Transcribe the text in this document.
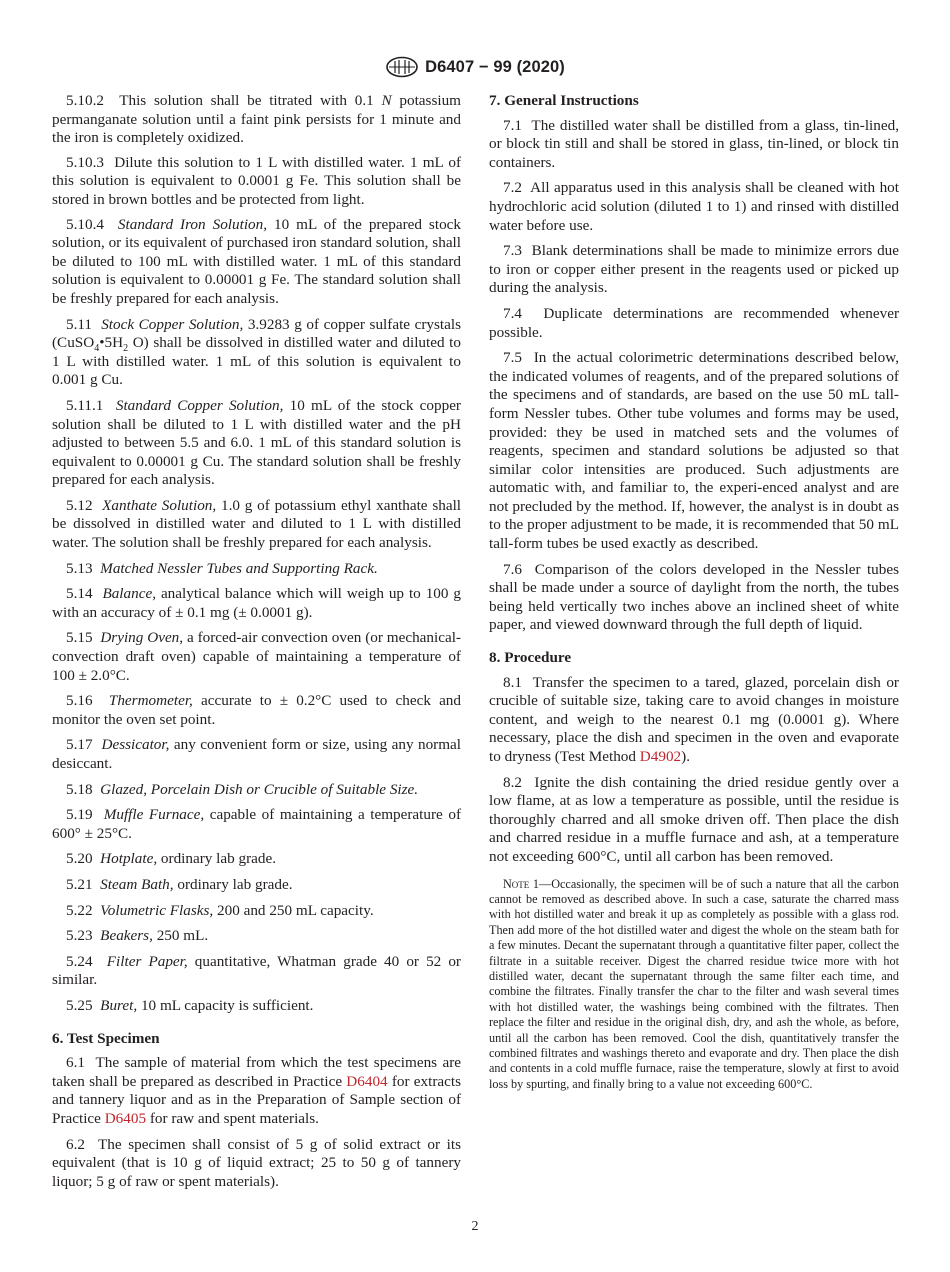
D6407 − 99 (2020)

5.10.2 This solution shall be titrated with 0.1 N potassium permanganate solution until a faint pink persists for 1 minute and the iron is completely oxidized.

5.10.3 Dilute this solution to 1 L with distilled water. 1 mL of this solution is equivalent to 0.0001 g Fe. This solution shall be stored in brown bottles and be protected from light.

5.10.4 Standard Iron Solution, 10 mL of the prepared stock solution, or its equivalent of purchased iron standard solution, shall be diluted to 100 mL with distilled water. 1 mL of this standard solution is equivalent to 0.00001 g Fe. The standard solution shall be freshly prepared for each analysis.

5.11 Stock Copper Solution, 3.9283 g of copper sulfate crystals ($CuSO_4•5H_2$ O) shall be dissolved in distilled water and diluted to 1 L with distilled water. 1 mL of this solution is equivalent to 0.001 g Cu.

5.11.1 Standard Copper Solution, 10 mL of the stock copper solution shall be diluted to 1 L with distilled water and the pH adjusted to between 5.5 and 6.0. 1 mL of this standard solution is equivalent to 0.00001 g Cu. The standard solution shall be freshly prepared for each analysis.

5.12 Xanthate Solution, 1.0 g of potassium ethyl xanthate shall be dissolved in distilled water and diluted to 1 L with distilled water. The solution shall be freshly prepared for each analysis.

5.13 Matched Nessler Tubes and Supporting Rack.

5.14 Balance, analytical balance which will weigh up to 100 g with an accuracy of ± 0.1 mg (± 0.0001 g).

5.15 Drying Oven, a forced-air convection oven (or mechanical-convection draft oven) capable of maintaining a temperature of 100 ± 2.0°C.

5.16 Thermometer, accurate to ± 0.2°C used to check and monitor the oven set point.

5.17 Dessicator, any convenient form or size, using any normal desiccant.

5.18 Glazed, Porcelain Dish or Crucible of Suitable Size.

5.19 Muffle Furnace, capable of maintaining a temperature of 600° ± 25°C.

5.20 Hotplate, ordinary lab grade.

5.21 Steam Bath, ordinary lab grade.

5.22 Volumetric Flasks, 200 and 250 mL capacity.

5.23 Beakers, 250 mL.

5.24 Filter Paper, quantitative, Whatman grade 40 or 52 or similar.

5.25 Buret, 10 mL capacity is sufficient.

6. Test Specimen

6.1 The sample of material from which the test specimens are taken shall be prepared as described in Practice D6404 for extracts and tannery liquor and as in the Preparation of Sample section of Practice D6405 for raw and spent materials.

6.2 The specimen shall consist of 5 g of solid extract or its equivalent (that is 10 g of liquid extract; 25 to 50 g of tannery liquor; 5 g of raw or spent materials).

7. General Instructions

7.1 The distilled water shall be distilled from a glass, tin-lined, or block tin still and shall be stored in glass, tin-lined, or block tin containers.

7.2 All apparatus used in this analysis shall be cleaned with hot hydrochloric acid solution (diluted 1 to 1) and rinsed with distilled water before use.

7.3 Blank determinations shall be made to minimize errors due to iron or copper either present in the reagents used or picked up during the analysis.

7.4 Duplicate determinations are recommended whenever possible.

7.5 In the actual colorimetric determinations described below, the indicated volumes of reagents, and of the prepared solutions of the specimens and of standards, are based on the use 50 mL tall-form Nessler tubes. Other tube volumes and forms may be used, provided: they be used in matched sets and the volumes of reagents, specimen and standard solutions be adjusted so that similar color intensities are produced. Such adjustments are automatic with, and familiar to, the experi-enced analyst and are not precluded by the method. If, however, the analyst is in doubt as to the proper adjustment to be made, it is recommended that 50 mL tall-form tubes be used exactly as described.

7.6 Comparison of the colors developed in the Nessler tubes shall be made under a source of daylight from the north, the tubes being held vertically two inches above an inclined sheet of white paper, and viewed downward through the full depth of liquid.

8. Procedure

8.1 Transfer the specimen to a tared, glazed, porcelain dish or crucible of suitable size, taking care to avoid changes in moisture content, and weigh to the nearest 0.1 mg (0.0001 g). Where necessary, place the dish and specimen in the oven and evaporate to dryness (Test Method D4902).

8.2 Ignite the dish containing the dried residue gently over a low flame, at as low a temperature as possible, until the residue is thoroughly charred and all smoke driven off. Then place the dish and charred residue in a muffle furnace and ash, at a temperature not exceeding 600°C, until all carbon has been removed.

Note 1—Occasionally, the specimen will be of such a nature that all the carbon cannot be removed as described above. In such a case, saturate the charred mass with hot distilled water and break it up as completely as possible with a glass rod. Then add more of the hot distilled water and digest the whole on the steam bath for a few minutes. Decant the supernatant through a quantitative filter paper, collect the filtrate in a suitable receiver. Digest the charred residue twice more with hot distilled water, decant the supernatant through the same filter each time, and combine the filtrates. Finally transfer the char to the filter and wash several times with hot distilled water, the washings being combined with the filtrates. Then replace the filter and residue in the original dish, dry, and ash the whole, as before, until all the carbon has been removed. Cool the dish, quantitatively transfer the combined filtrates and washings thereto and evaporate and dry. Then place the dish and contents in a cold muffle furnace, raise the temperature, slowly at first to avoid loss by spurting, and finally bring to a value not exceeding 600°C.

2
